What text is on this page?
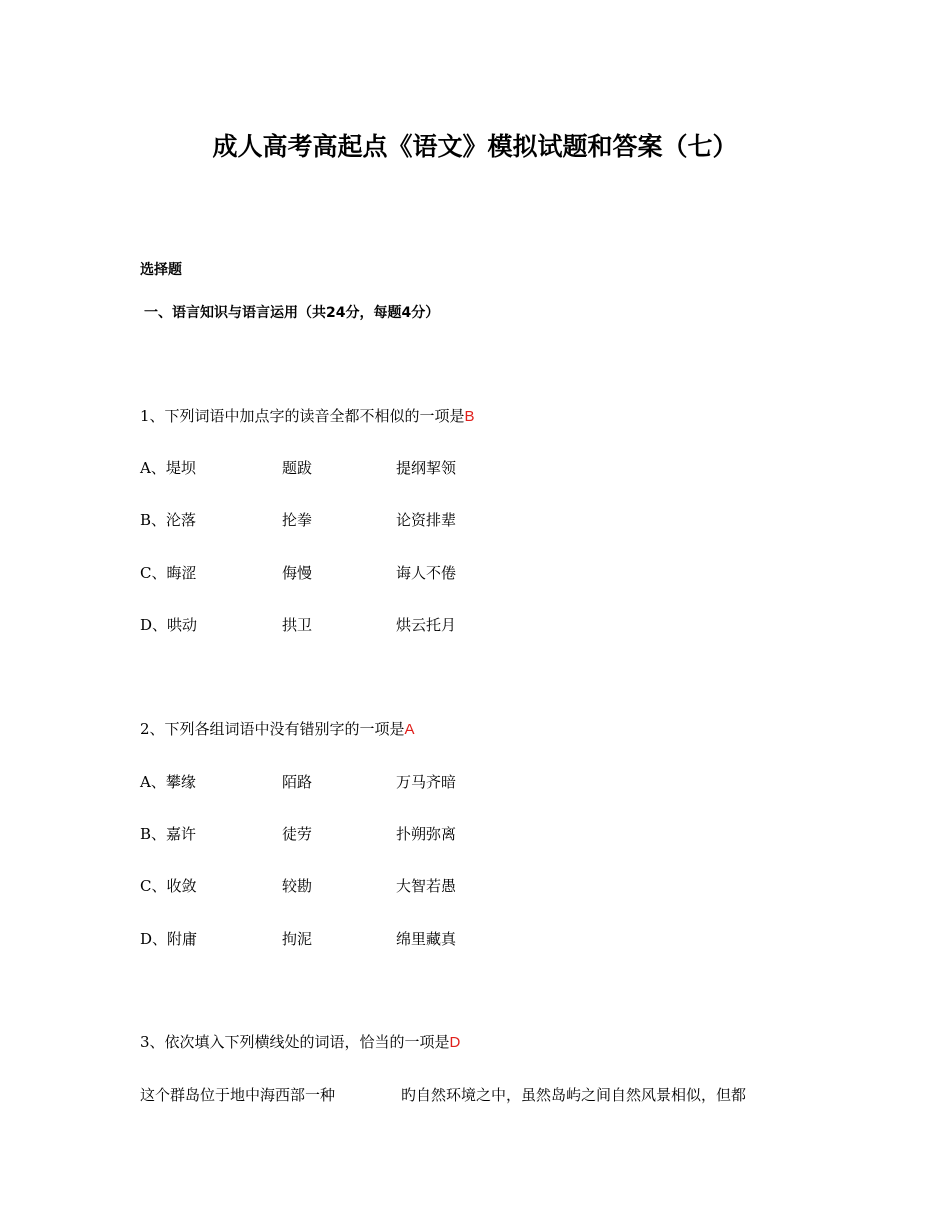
成人高考高起点《语文》模拟试题和答案（七）
选择题
一、语言知识与语言运用（共24分，每题4分）
1、下列词语中加点字的读音全都不相似的一项是B
A、堤坝	题跋	提纲挈领
B、沦落	抡拳	论资排辈
C、晦涩	侮慢	诲人不倦
D、哄动	拱卫	烘云托月
2、下列各组词语中没有错别字的一项是A
A、攀缘	陌路	万马齐暗
B、嘉许	徒劳	扑朔弥离
C、收敛	较勘	大智若愚
D、附庸	拘泥	绵里藏真
3、依次填入下列横线处的词语，恰当的一项是D
这个群岛位于地中海西部一种	旳自然环境之中，虽然岛屿之间自然风景相似，但都
